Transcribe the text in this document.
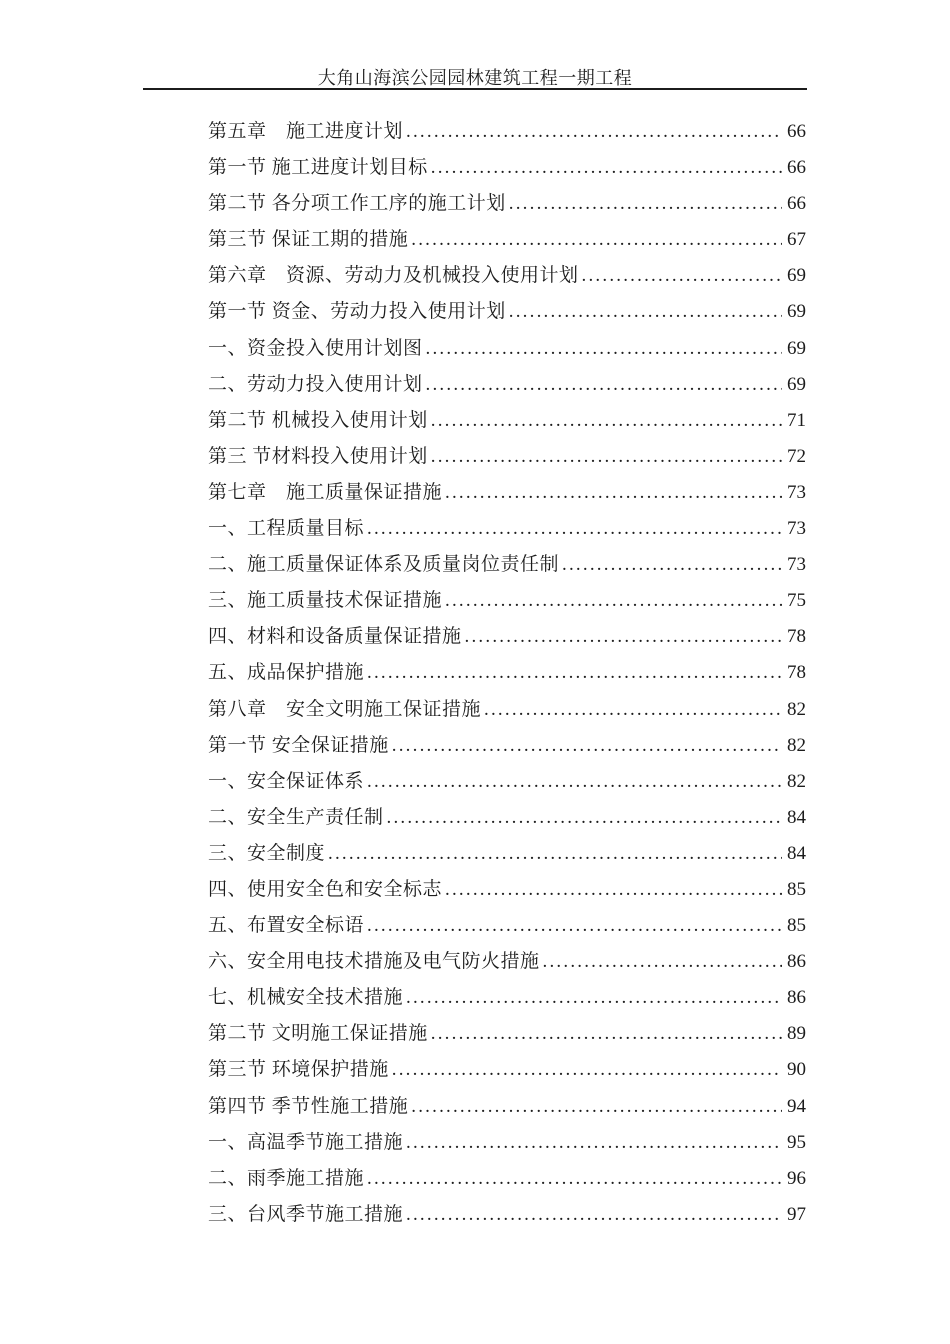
大角山海滨公园园林建筑工程一期工程
第五章　施工进度计划 .....	66
第一节 施工进度计划目标 .....	66
第二节 各分项工作工序的施工计划 .....	66
第三节 保证工期的措施 .....	67
第六章　资源、劳动力及机械投入使用计划 .....	69
第一节 资金、劳动力投入使用计划 .....	69
一、资金投入使用计划图 .....	69
二、劳动力投入使用计划 .....	69
第二节 机械投入使用计划 .....	71
第三 节材料投入使用计划 .....	72
第七章　施工质量保证措施 .....	73
一、工程质量目标 .....	73
二、施工质量保证体系及质量岗位责任制 .....	73
三、施工质量技术保证措施 .....	75
四、材料和设备质量保证措施 .....	78
五、成品保护措施 .....	78
第八章　安全文明施工保证措施 .....	82
第一节 安全保证措施 .....	82
一、安全保证体系 .....	82
二、安全生产责任制 .....	84
三、安全制度 .....	84
四、使用安全色和安全标志 .....	85
五、布置安全标语 .....	85
六、安全用电技术措施及电气防火措施 .....	86
七、机械安全技术措施 .....	86
第二节 文明施工保证措施 .....	89
第三节 环境保护措施 .....	90
第四节 季节性施工措施 .....	94
一、高温季节施工措施 .....	95
二、雨季施工措施 .....	96
三、台风季节施工措施 .....	97
